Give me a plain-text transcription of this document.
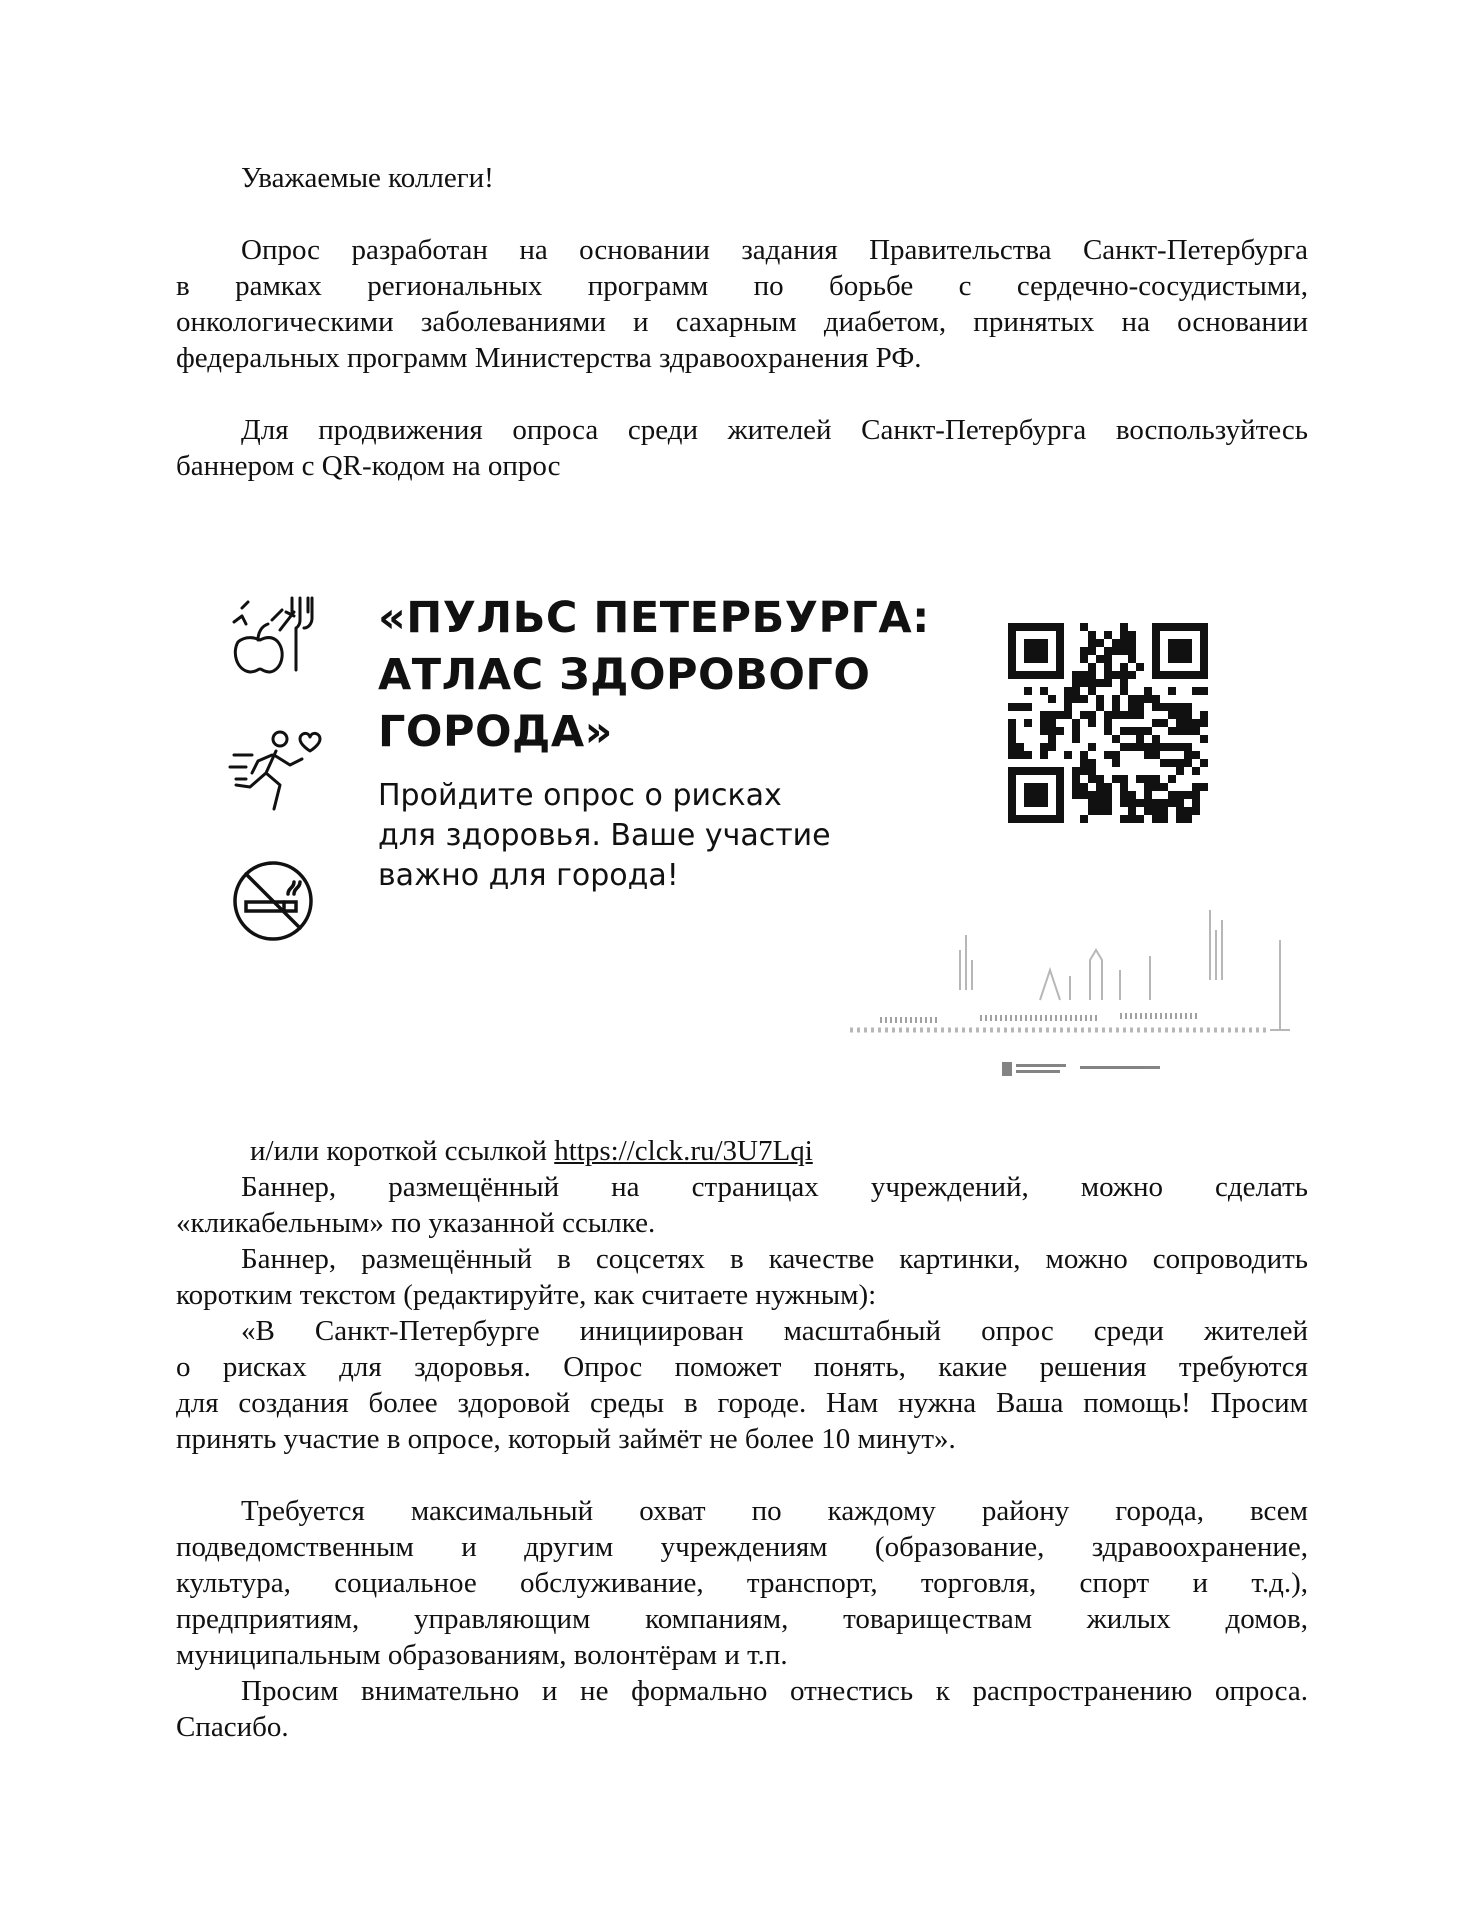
Уважаемые коллеги!
Опрос разработан на основании задания Правительства Санкт-Петербурга
в рамках региональных программ по борьбе с сердечно-сосудистыми,
онкологическими заболеваниями и сахарным диабетом, принятых на основании
федеральных программ Министерства здравоохранения РФ.
Для продвижения опроса среди жителей Санкт-Петербурга воспользуйтесь
баннером с QR-кодом на опрос
«ПУЛЬС ПЕТЕРБУРГА:
АТЛАС ЗДОРОВОГО
ГОРОДА»
Пройдите опрос о рисках
для здоровья. Ваше участие
важно для города!
и/или короткой ссылкой https://clck.ru/3U7Lqi
Баннер, размещённый на страницах учреждений, можно сделать
«кликабельным» по указанной ссылке.
Баннер, размещённый в соцсетях в качестве картинки, можно сопроводить
коротким текстом (редактируйте, как считаете нужным):
«В Санкт-Петербурге инициирован масштабный опрос среди жителей
о рисках для здоровья. Опрос поможет понять, какие решения требуются
для создания более здоровой среды в городе. Нам нужна Ваша помощь! Просим
принять участие в опросе, который займёт не более 10 минут».
Требуется максимальный охват по каждому району города, всем
подведомственным и другим учреждениям (образование, здравоохранение,
культура, социальное обслуживание, транспорт, торговля, спорт и т.д.),
предприятиям, управляющим компаниям, товариществам жилых домов,
муниципальным образованиям, волонтёрам и т.п.
Просим внимательно и не формально отнестись к распространению опроса.
Спасибо.
